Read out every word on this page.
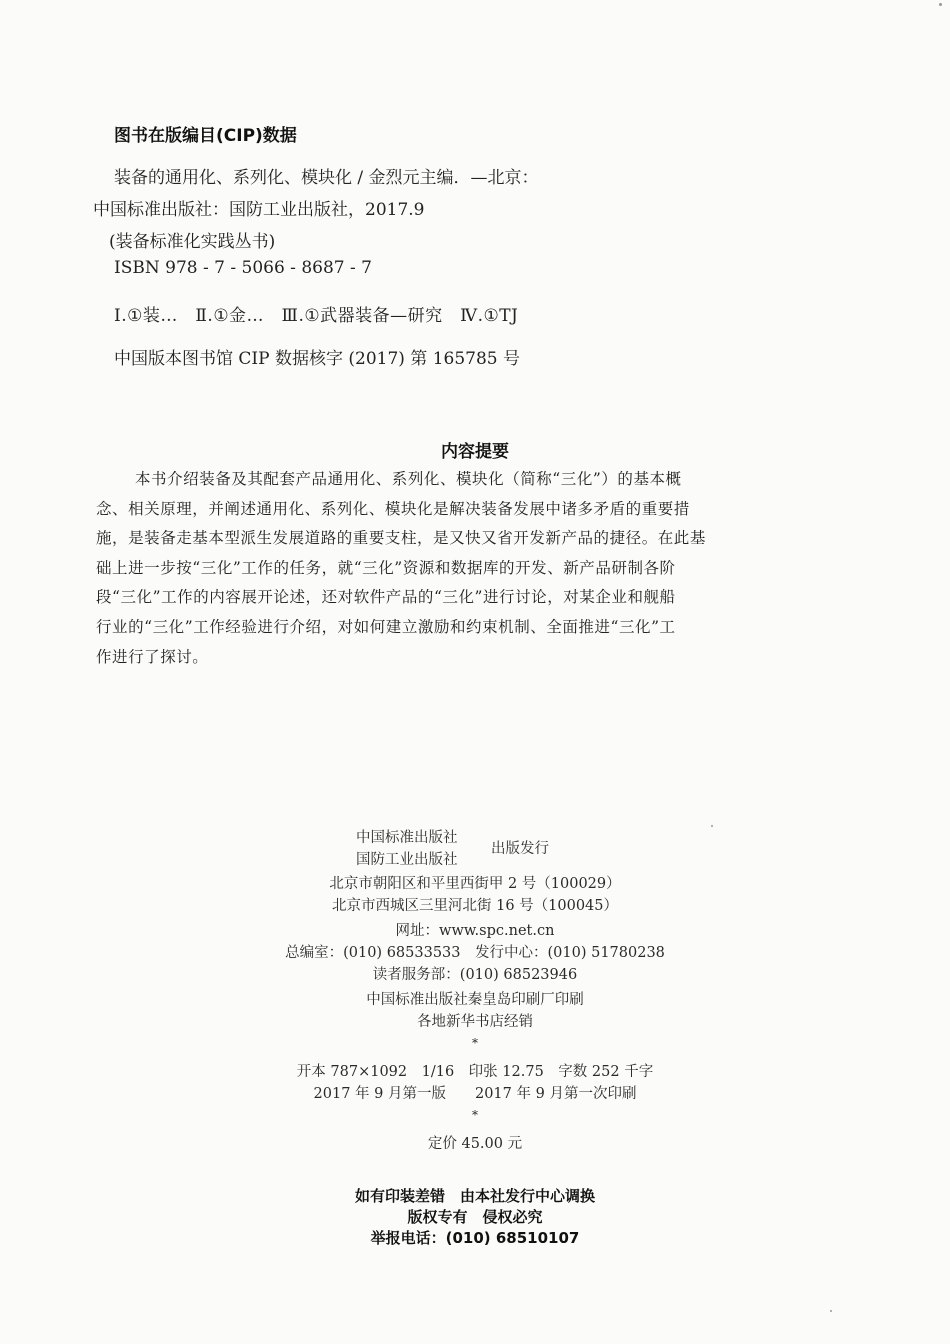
图书在版编目(CIP)数据
装备的通用化、系列化、模块化 / 金烈元主编．—北京：
中国标准出版社：国防工业出版社，2017.9
(装备标准化实践丛书)
ISBN 978 - 7 - 5066 - 8687 - 7
Ⅰ.①装…　Ⅱ.①金…　Ⅲ.①武器装备—研究　Ⅳ.①TJ
中国版本图书馆 CIP 数据核字 (2017) 第 165785 号
内容提要
本书介绍装备及其配套产品通用化、系列化、模块化（简称“三化”）的基本概
念、相关原理，并阐述通用化、系列化、模块化是解决装备发展中诸多矛盾的重要措
施，是装备走基本型派生发展道路的重要支柱，是又快又省开发新产品的捷径。在此基
础上进一步按“三化”工作的任务，就“三化”资源和数据库的开发、新产品研制各阶
段“三化”工作的内容展开论述，还对软件产品的“三化”进行讨论，对某企业和舰船
行业的“三化”工作经验进行介绍，对如何建立激励和约束机制、全面推进“三化”工
作进行了探讨。
中国标准出版社
国防工业出版社
出版发行
北京市朝阳区和平里西街甲 2 号（100029）
北京市西城区三里河北街 16 号（100045）
网址：www.spc.net.cn
总编室：(010) 68533533　发行中心：(010) 51780238
读者服务部：(010) 68523946
中国标准出版社秦皇岛印刷厂印刷
各地新华书店经销
*
开本 787×1092　1/16　印张 12.75　字数 252 千字
2017 年 9 月第一版　　2017 年 9 月第一次印刷
*
定价 45.00 元
如有印装差错　由本社发行中心调换
版权专有　侵权必究
举报电话：(010) 68510107
